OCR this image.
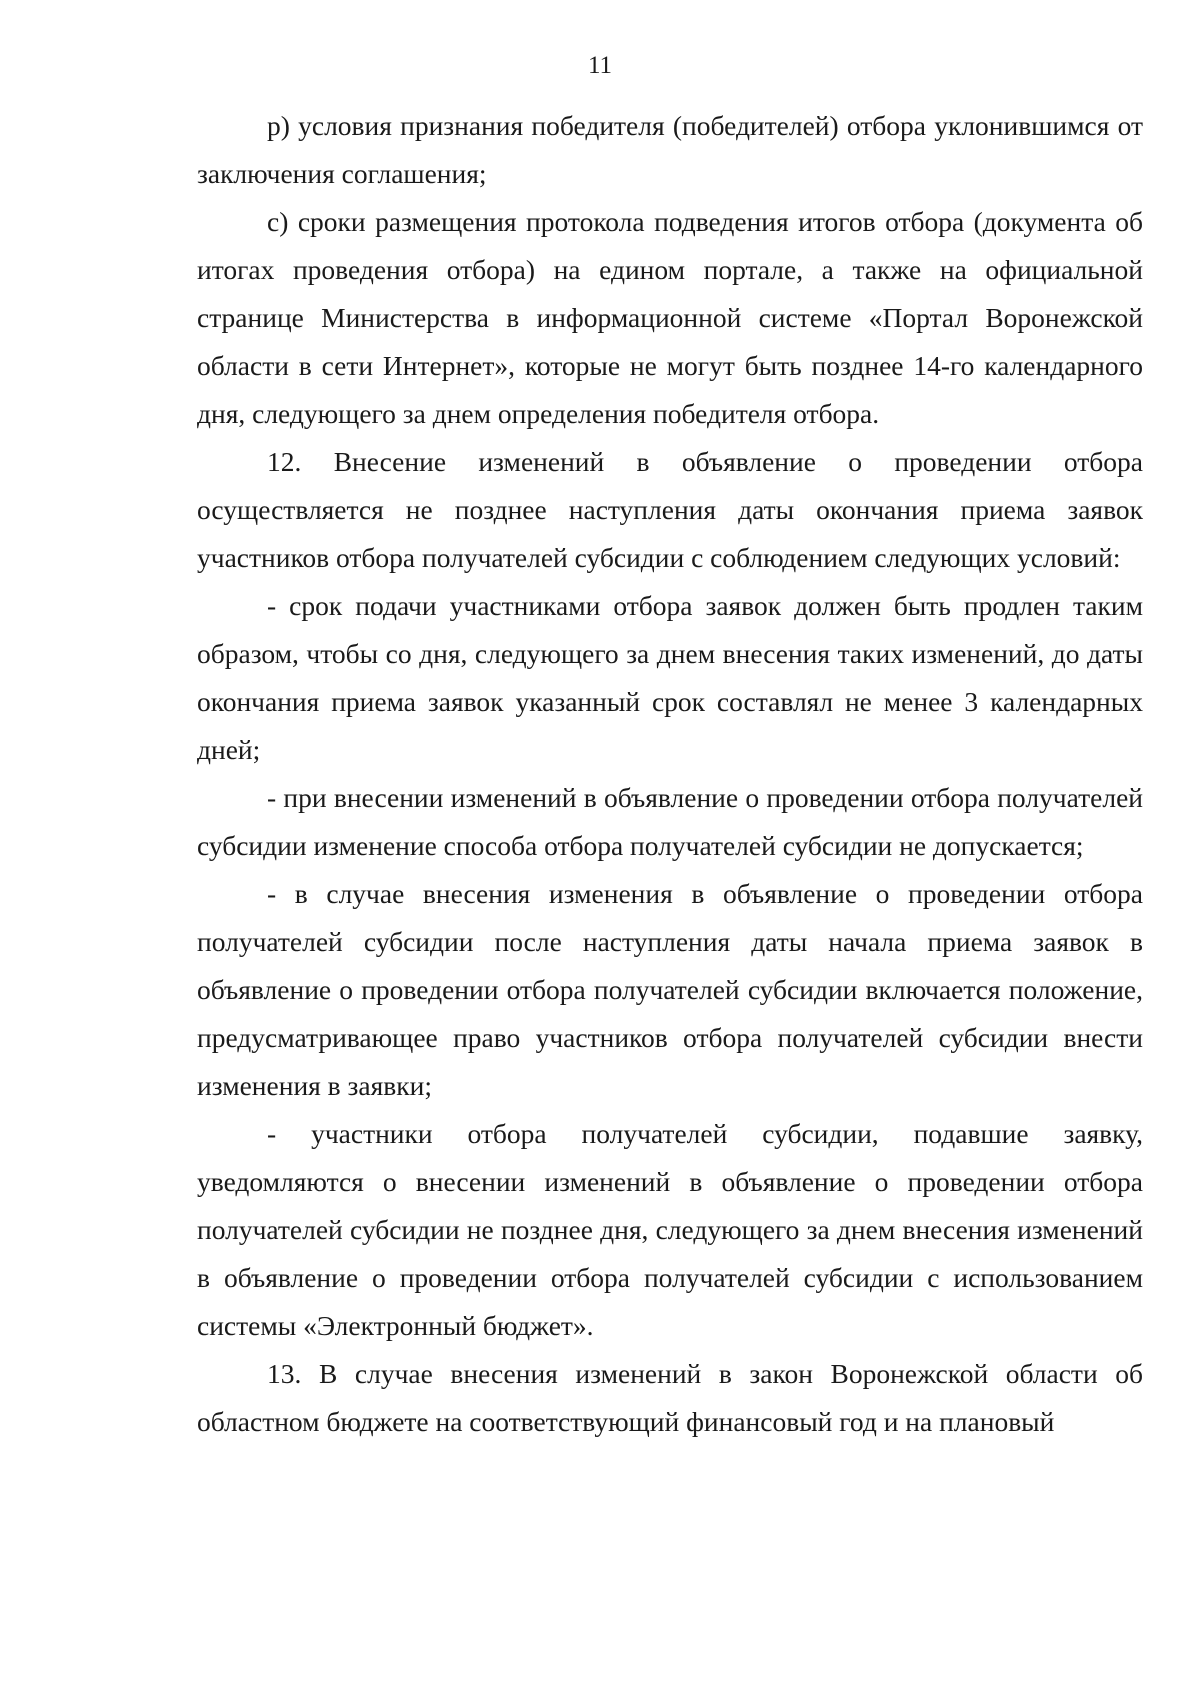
11

р) условия признания победителя (победителей) отбора уклонившимся от заключения соглашения;

с) сроки размещения протокола подведения итогов отбора (документа об итогах проведения отбора) на едином портале, а также на официальной странице Министерства в информационной системе «Портал Воронежской области в сети Интернет», которые не могут быть позднее 14-го календарного дня, следующего за днем определения победителя отбора.

12. Внесение изменений в объявление о проведении отбора осуществляется не позднее наступления даты окончания приема заявок участников отбора получателей субсидии с соблюдением следующих условий:

- срок подачи участниками отбора заявок должен быть продлен таким образом, чтобы со дня, следующего за днем внесения таких изменений, до даты окончания приема заявок указанный срок составлял не менее 3 календарных дней;

- при внесении изменений в объявление о проведении отбора получателей субсидии изменение способа отбора получателей субсидии не допускается;

- в случае внесения изменения в объявление о проведении отбора получателей субсидии после наступления даты начала приема заявок в объявление о проведении отбора получателей субсидии включается положение, предусматривающее право участников отбора получателей субсидии внести изменения в заявки;

- участники отбора получателей субсидии, подавшие заявку, уведомляются о внесении изменений в объявление о проведении отбора получателей субсидии не позднее дня, следующего за днем внесения изменений в объявление о проведении отбора получателей субсидии с использованием системы «Электронный бюджет».

13. В случае внесения изменений в закон Воронежской области об областном бюджете на соответствующий финансовый год и на плановый
